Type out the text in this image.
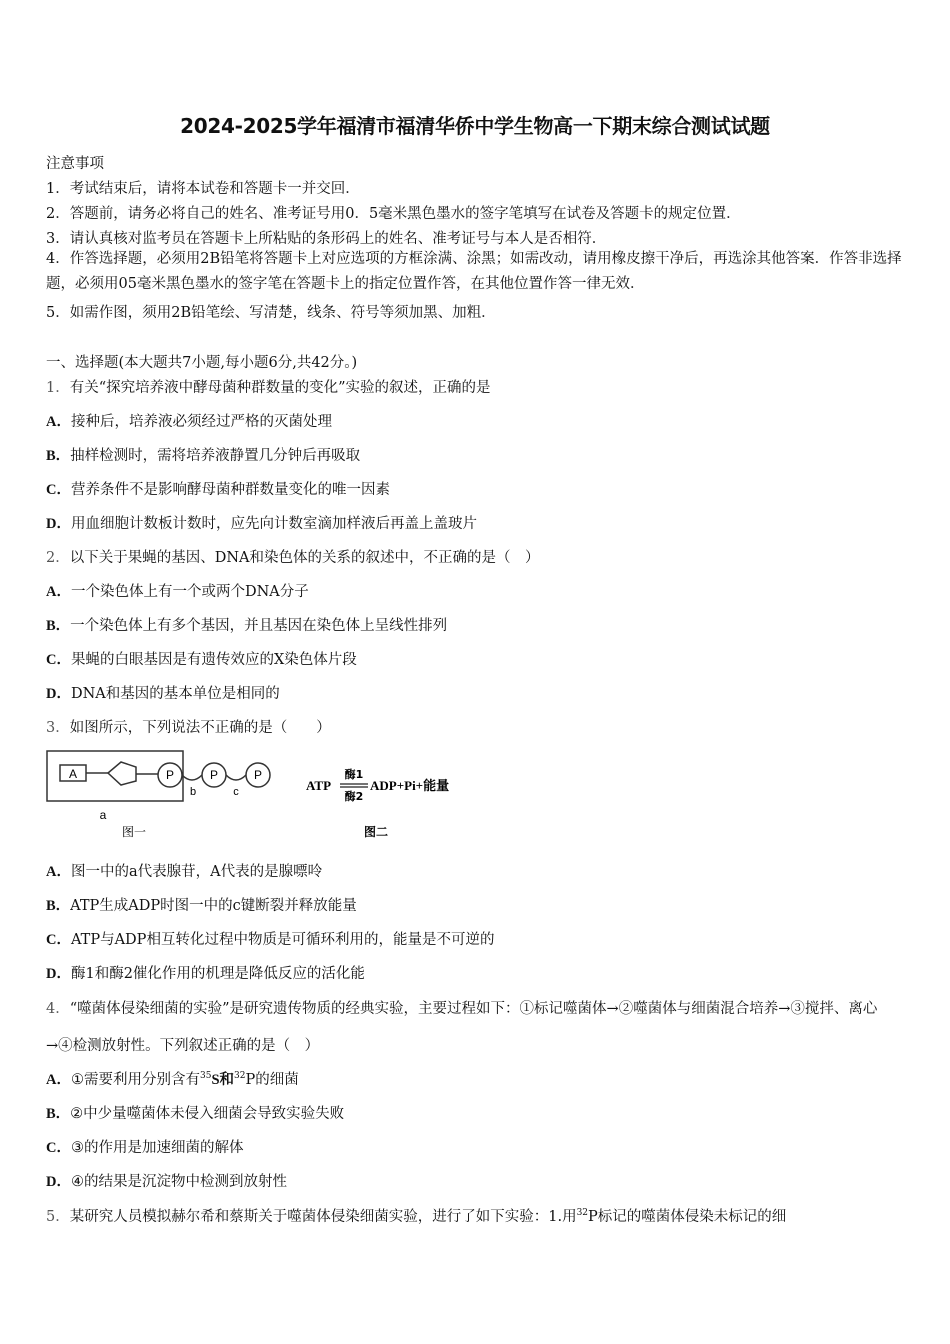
2024-2025学年福清市福清华侨中学生物高一下期末综合测试试题
注意事项
1．考试结束后，请将本试卷和答题卡一并交回．
2．答题前，请务必将自己的姓名、准考证号用0．5毫米黑色墨水的签字笔填写在试卷及答题卡的规定位置．
3．请认真核对监考员在答题卡上所粘贴的条形码上的姓名、准考证号与本人是否相符．
4．作答选择题，必须用2B铅笔将答题卡上对应选项的方框涂满、涂黑；如需改动，请用橡皮擦干净后，再选涂其他答案．作答非选择题，必须用05毫米黑色墨水的签字笔在答题卡上的指定位置作答，在其他位置作答一律无效．
5．如需作图，须用2B铅笔绘、写清楚，线条、符号等须加黑、加粗．
一、选择题(本大题共7小题,每小题6分,共42分。)
1．有关“探究培养液中酵母菌种群数量的变化”实验的叙述，正确的是
A．接种后，培养液必须经过严格的灭菌处理
B．抽样检测时，需将培养液静置几分钟后再吸取
C．营养条件不是影响酵母菌种群数量变化的唯一因素
D．用血细胞计数板计数时，应先向计数室滴加样液后再盖上盖玻片
2．以下关于果蝇的基因、DNA和染色体的关系的叙述中，不正确的是（　）
A．一个染色体上有一个或两个DNA分子
B．一个染色体上有多个基因，并且基因在染色体上呈线性排列
C．果蝇的白眼基因是有遗传效应的X染色体片段
D．DNA和基因的基本单位是相同的
3．如图所示，下列说法不正确的是（　　）
A	P	P	P
b	c
a
图一
ATP
酶1
酶2
ADP+Pi+能量
图二
A．图一中的a代表腺苷，A代表的是腺嘌呤
B．ATP生成ADP时图一中的c键断裂并释放能量
C．ATP与ADP相互转化过程中物质是可循环利用的，能量是不可逆的
D．酶1和酶2催化作用的机理是降低反应的活化能
4．“噬菌体侵染细菌的实验”是研究遗传物质的经典实验，主要过程如下：①标记噬菌体→②噬菌体与细菌混合培养→③搅拌、离心→④检测放射性。下列叙述正确的是（　）
A．①需要利用分别含有$^{35}$S和$^{32}$P的细菌
B．②中少量噬菌体未侵入细菌会导致实验失败
C．③的作用是加速细菌的解体
D．④的结果是沉淀物中检测到放射性
5．某研究人员模拟赫尔希和蔡斯关于噬菌体侵染细菌实验，进行了如下实验：1.用$^{32}$P标记的噬菌体侵染未标记的细
